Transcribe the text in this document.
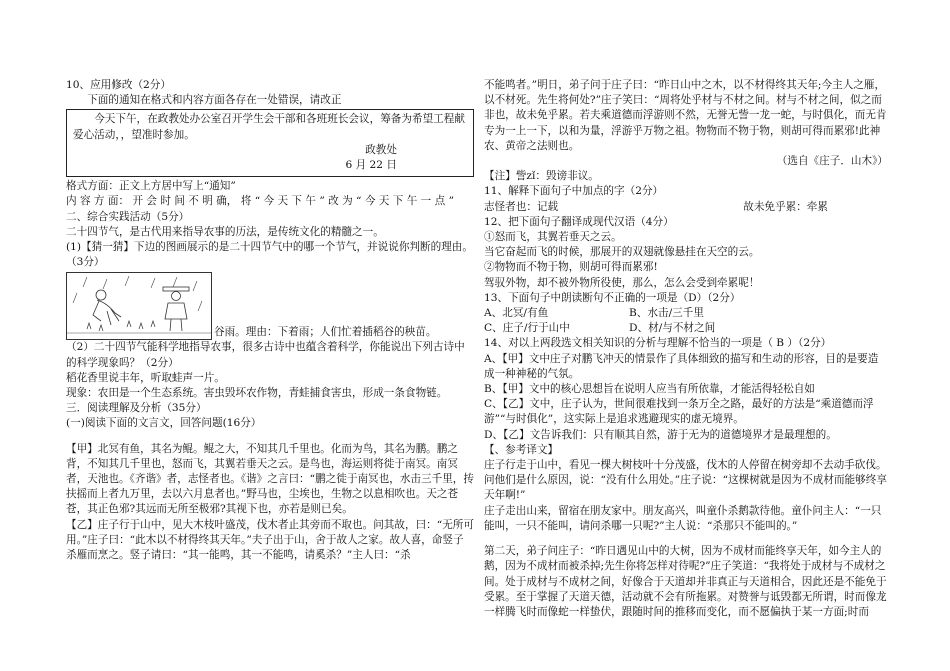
10、应用修改（2分）

下面的通知在格式和内容方面各存在一处错误，请改正

今天下午，在政教处办公室召开学生会干部和各班班长会议，筹备为希望工程献爱心活动，，望准时参加。

政教处

6 月 22 日

格式方面：正文上方居中写上“通知”

内 容 方 面： 开 会 时 间 不 明 确， 将 “ 今 天 下 午 ” 改 为 “ 今 天 下 午 一 点 ”

二、综合实践活动（5分）

二十四节气，是古代用来指导农事的历法，是传统文化的精髓之一。

(1)【猜一猜】下边的图画展示的是二十四节气中的哪一个节气，并说说你判断的理由。（3分）

谷雨。理由：下着雨；人们忙着插稻谷的秧苗。

（2）二十四节气能科学地指导农事，很多古诗中也蕴含着科学，你能说出下列古诗中的科学现象吗？（2分）

稻花香里说丰年，听取蛙声一片。

现象：农田是一个生态系统。害虫毁坏农作物，青蛙捕食害虫，形成一条食物链。

三．阅读理解及分析（35分）

(一)阅读下面的文言文，回答问题(16分）

【甲】北冥有鱼，其名为鲲。鲲之大，不知其几千里也。化而为鸟，其名为鹏。鹏之背，不知其几千里也，怒而飞，其翼若垂天之云。是鸟也，海运则将徙于南冥。南冥者，天池也。《齐谐》者，志怪者也。《谐》之言曰：“鹏之徙于南冥也，水击三千里，抟扶摇而上者九万里，去以六月息者也。”野马也，尘埃也，生物之以息相吹也。天之苍苍，其正色邪?其远而无所至极邪?其视下也，亦若是则已矣。

【乙】庄子行于山中，见大木枝叶盛茂，伐木者止其旁而不取也。问其故，曰：“无所可用。”庄子曰：“此木以不材得终其天年。”夫子出于山，舍于故人之家。故人喜，命竖子杀雁而烹之。竖子请曰：“其一能鸣，其一不能鸣，请奚杀？”主人曰：“杀

不能鸣者。”明日，弟子问于庄子曰：“昨日山中之木，以不材得终其天年;今主人之雁，以不材死。先生将何处?”庄子笑曰：“周将处乎材与不材之间。材与不材之间，似之而非也，故未免乎累。若夫乘道德而浮游则不然，无誉无訾一龙一蛇，与时俱化，而无肯专为一上一下，以和为量，浮游乎万物之祖。物物而不物于物，则胡可得而累邪!此神农、黄帝之法则也。

（选自《庄子．山木》）

【注】訾zǐ：毁谤非议。

11、解释下面句子中加点的字（2分）

志怪者也：记载	故未免乎累：牵累

12、把下面句子翻译成现代汉语（4分）

①怒而飞，其翼若垂天之云。

当它奋起而飞的时候，那展开的双翅就像悬挂在天空的云。

②物物而不物于物，则胡可得而累邪!

驾驭外物，却不被外物所役使，那么，怎么会受到牵累呢！

13、下面句子中朗读断句不正确的一项是（D）（2分）

A、北冥/有鱼	B、水击/三千里
C、庄子/行于山中	D、材/与不材之间

14、对以上两段选文相关知识的分析与理解不恰当的一项是（ B ）（2分）

A、【甲】文中庄子对鹏飞冲天的情景作了具体细致的描写和生动的形容，目的是要造成一种神秘的气氛。

B、【甲】文中的核心思想旨在说明人应当有所依靠，才能活得轻松自如

C、【乙】文中，庄子认为，世间很难找到一条万全之路，最好的方法是“乘道德而浮游”“与时俱化”，这实际上是追求逃避现实的虚无境界。

D、【乙】文告诉我们：只有顺其自然，游于无为的道德境界才是最理想的。

【、参考译文】

庄子行走于山中，看见一棵大树枝叶十分茂盛，伐木的人停留在树旁却不去动手砍伐。问他们是什么原因，说：“没有什么用处。”庄子说：“这棵树就是因为不成材而能够终享天年啊!”

庄子走出山来，留宿在朋友家中。朋友高兴，叫童仆杀鹅款待他。童仆问主人：“一只能叫，一只不能叫，请问杀哪一只呢?”主人说：“杀那只不能叫的。”

第二天，弟子问庄子：“昨日遇见山中的大树，因为不成材而能终享天年，如今主人的鹅，因为不成材而被杀掉;先生你将怎样对待呢?”庄子笑道：“我将处于成材与不成材之间。处于成材与不成材之间，好像合于天道却并非真正与天道相合，因此还是不能免于受累。至于掌握了天道天德，活动就不会有所拖累。对赞誉与诋毁都无所谓，时而像龙一样腾飞时而像蛇一样蛰伏，跟随时间的推移而变化，而不愿偏执于某一方面;时而
